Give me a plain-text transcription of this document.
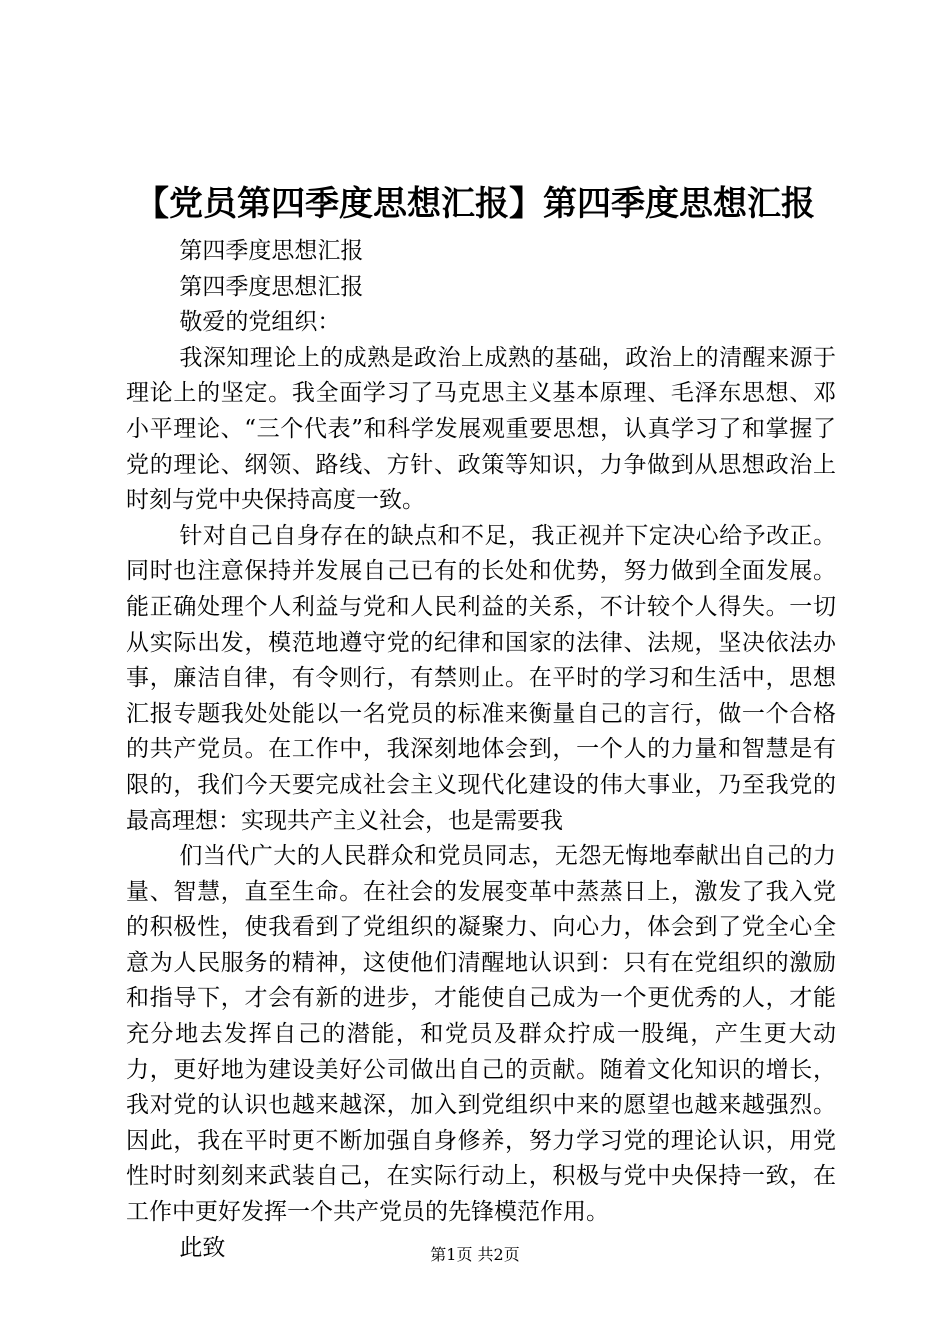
【党员第四季度思想汇报】第四季度思想汇报

第四季度思想汇报

第四季度思想汇报

敬爱的党组织：

我深知理论上的成熟是政治上成熟的基础，政治上的清醒来源于理论上的坚定。我全面学习了马克思主义基本原理、毛泽东思想、邓小平理论、“三个代表”和科学发展观重要思想，认真学习了和掌握了党的理论、纲领、路线、方针、政策等知识，力争做到从思想政治上时刻与党中央保持高度一致。

针对自己自身存在的缺点和不足，我正视并下定决心给予改正。同时也注意保持并发展自己已有的长处和优势，努力做到全面发展。能正确处理个人利益与党和人民利益的关系，不计较个人得失。一切从实际出发，模范地遵守党的纪律和国家的法律、法规，坚决依法办事，廉洁自律，有令则行，有禁则止。在平时的学习和生活中，思想汇报专题我处处能以一名党员的标准来衡量自己的言行，做一个合格的共产党员。在工作中，我深刻地体会到，一个人的力量和智慧是有限的，我们今天要完成社会主义现代化建设的伟大事业，乃至我党的最高理想：实现共产主义社会，也是需要我

们当代广大的人民群众和党员同志，无怨无悔地奉献出自己的力量、智慧，直至生命。在社会的发展变革中蒸蒸日上，激发了我入党的积极性，使我看到了党组织的凝聚力、向心力，体会到了党全心全意为人民服务的精神，这使他们清醒地认识到：只有在党组织的激励和指导下，才会有新的进步，才能使自己成为一个更优秀的人，才能充分地去发挥自己的潜能，和党员及群众拧成一股绳，产生更大动力，更好地为建设美好公司做出自己的贡献。随着文化知识的增长，我对党的认识也越来越深，加入到党组织中来的愿望也越来越强烈。因此，我在平时更不断加强自身修养，努力学习党的理论认识，用党性时时刻刻来武装自己，在实际行动上，积极与党中央保持一致，在工作中更好发挥一个共产党员的先锋模范作用。

此致	第1页 共2页
